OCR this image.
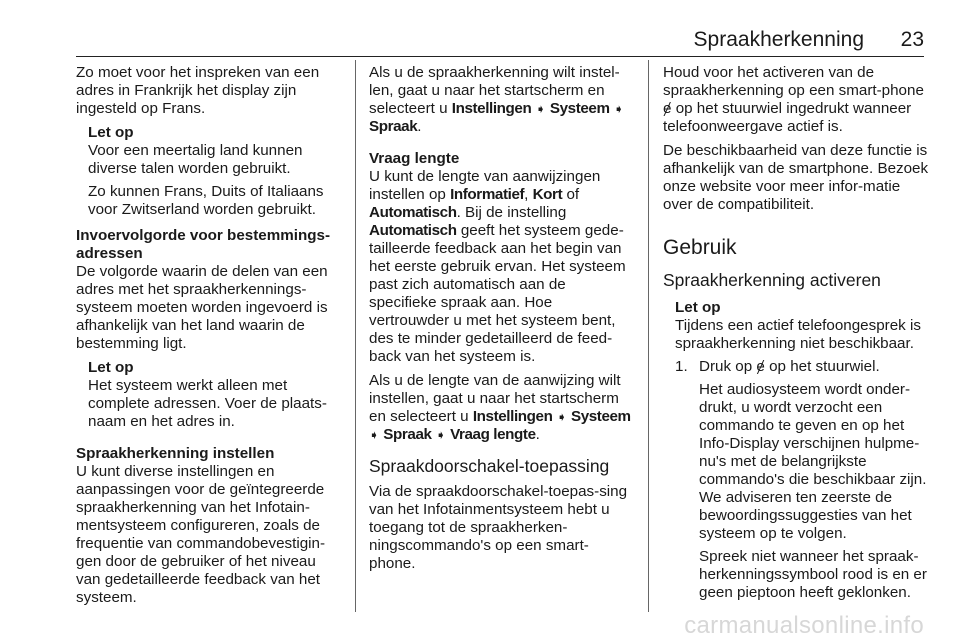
Spraakherkenning 23

Zo moet voor het inspreken van een adres in Frankrijk het display zijn ingesteld op Frans.

Let op

Voor een meertalig land kunnen diverse talen worden gebruikt.

Zo kunnen Frans, Duits of Italiaans voor Zwitserland worden gebruikt.

Invoervolgorde voor bestemmings-adressen

De volgorde waarin de delen van een adres met het spraakherkennings-systeem moeten worden ingevoerd is afhankelijk van het land waarin de bestemming ligt.

Let op

Het systeem werkt alleen met complete adressen. Voer de plaats-naam en het adres in.

Spraakherkenning instellen

U kunt diverse instellingen en aanpassingen voor de geïntegreerde spraakherkenning van het Infotain-mentsysteem configureren, zoals de frequentie van commandobevestigin-gen door de gebruiker of het niveau van gedetailleerde feedback van het systeem.

Als u de spraakherkenning wilt instel-len, gaat u naar het startscherm en selecteert u Instellingen ➧ Systeem ➧ Spraak.

Vraag lengte

U kunt de lengte van aanwijzingen instellen op Informatief, Kort of Automatisch. Bij de instelling Automatisch geeft het systeem gede-tailleerde feedback aan het begin van het eerste gebruik ervan. Het systeem past zich automatisch aan de specifieke spraak aan. Hoe vertrouwder u met het systeem bent, des te minder gedetailleerd de feed-back van het systeem is.

Als u de lengte van de aanwijzing wilt instellen, gaat u naar het startscherm en selecteert u Instellingen ➧ Systeem ➧ Spraak ➧ Vraag lengte.

Spraakdoorschakel-toepassing

Via de spraakdoorschakel-toepas-sing van het Infotainmentsysteem hebt u toegang tot de spraakherken-ningscommando's op een smart-phone.

Houd voor het activeren van de spraakherkenning op een smart-phone ɇ op het stuurwiel ingedrukt wanneer telefoonweergave actief is.

De beschikbaarheid van deze functie is afhankelijk van de smartphone. Bezoek onze website voor meer infor-matie over de compatibiliteit.

Gebruik

Spraakherkenning activeren

Let op

Tijdens een actief telefoongesprek is spraakherkenning niet beschikbaar.

1. Druk op ɇ op het stuurwiel.

Het audiosysteem wordt onder-drukt, u wordt verzocht een commando te geven en op het Info-Display verschijnen hulpme-nu's met de belangrijkste commando's die beschikbaar zijn. We adviseren ten zeerste de bewoordingssuggesties van het systeem op te volgen.

Spreek niet wanneer het spraak-herkenningssymbool rood is en er geen pieptoon heeft geklonken.

carmanualsonline.info
